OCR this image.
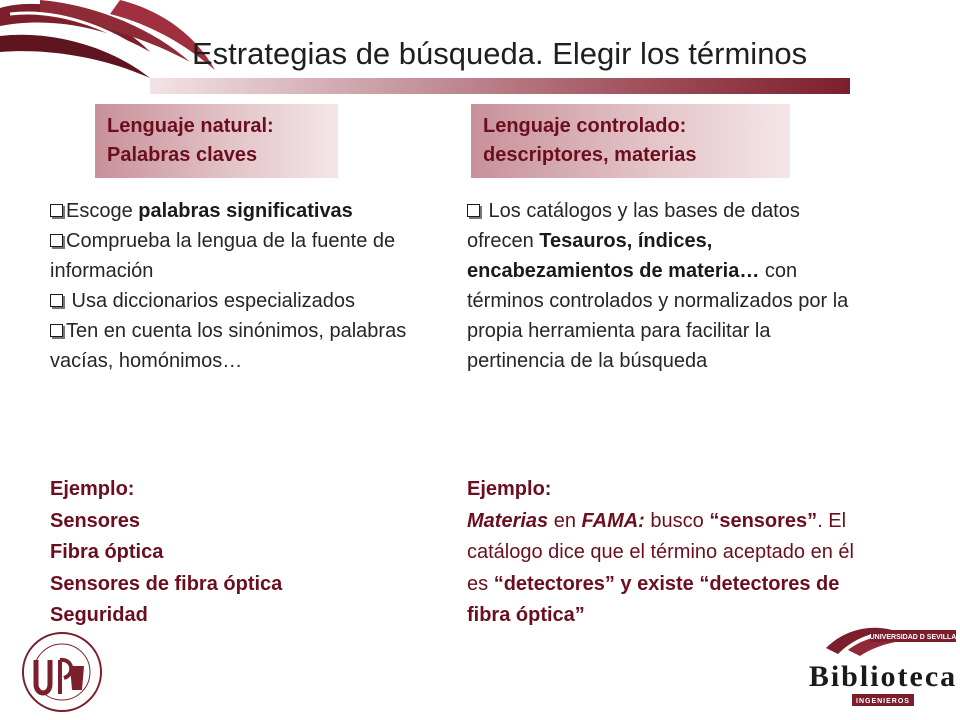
Estrategias de búsqueda. Elegir los términos
Lenguaje natural:
Palabras claves
Lenguaje controlado:
descriptores, materias
Escoge palabras significativas
Comprueba la lengua de la fuente de información
Usa diccionarios especializados
Ten en cuenta los sinónimos, palabras vacías, homónimos…
Los catálogos y las bases de datos ofrecen Tesauros, índices, encabezamientos de materia… con términos controlados y normalizados por la propia herramienta para facilitar la pertinencia de la búsqueda
Ejemplo:
Sensores
Fibra óptica
Sensores de fibra óptica
Seguridad
Ejemplo:
Materias en FAMA: busco “sensores”. El catálogo dice que el término aceptado en él es “detectores” y existe “detectores de fibra óptica”
UNIVERSIDAD D SEVILLA
Biblioteca
INGENIEROS
